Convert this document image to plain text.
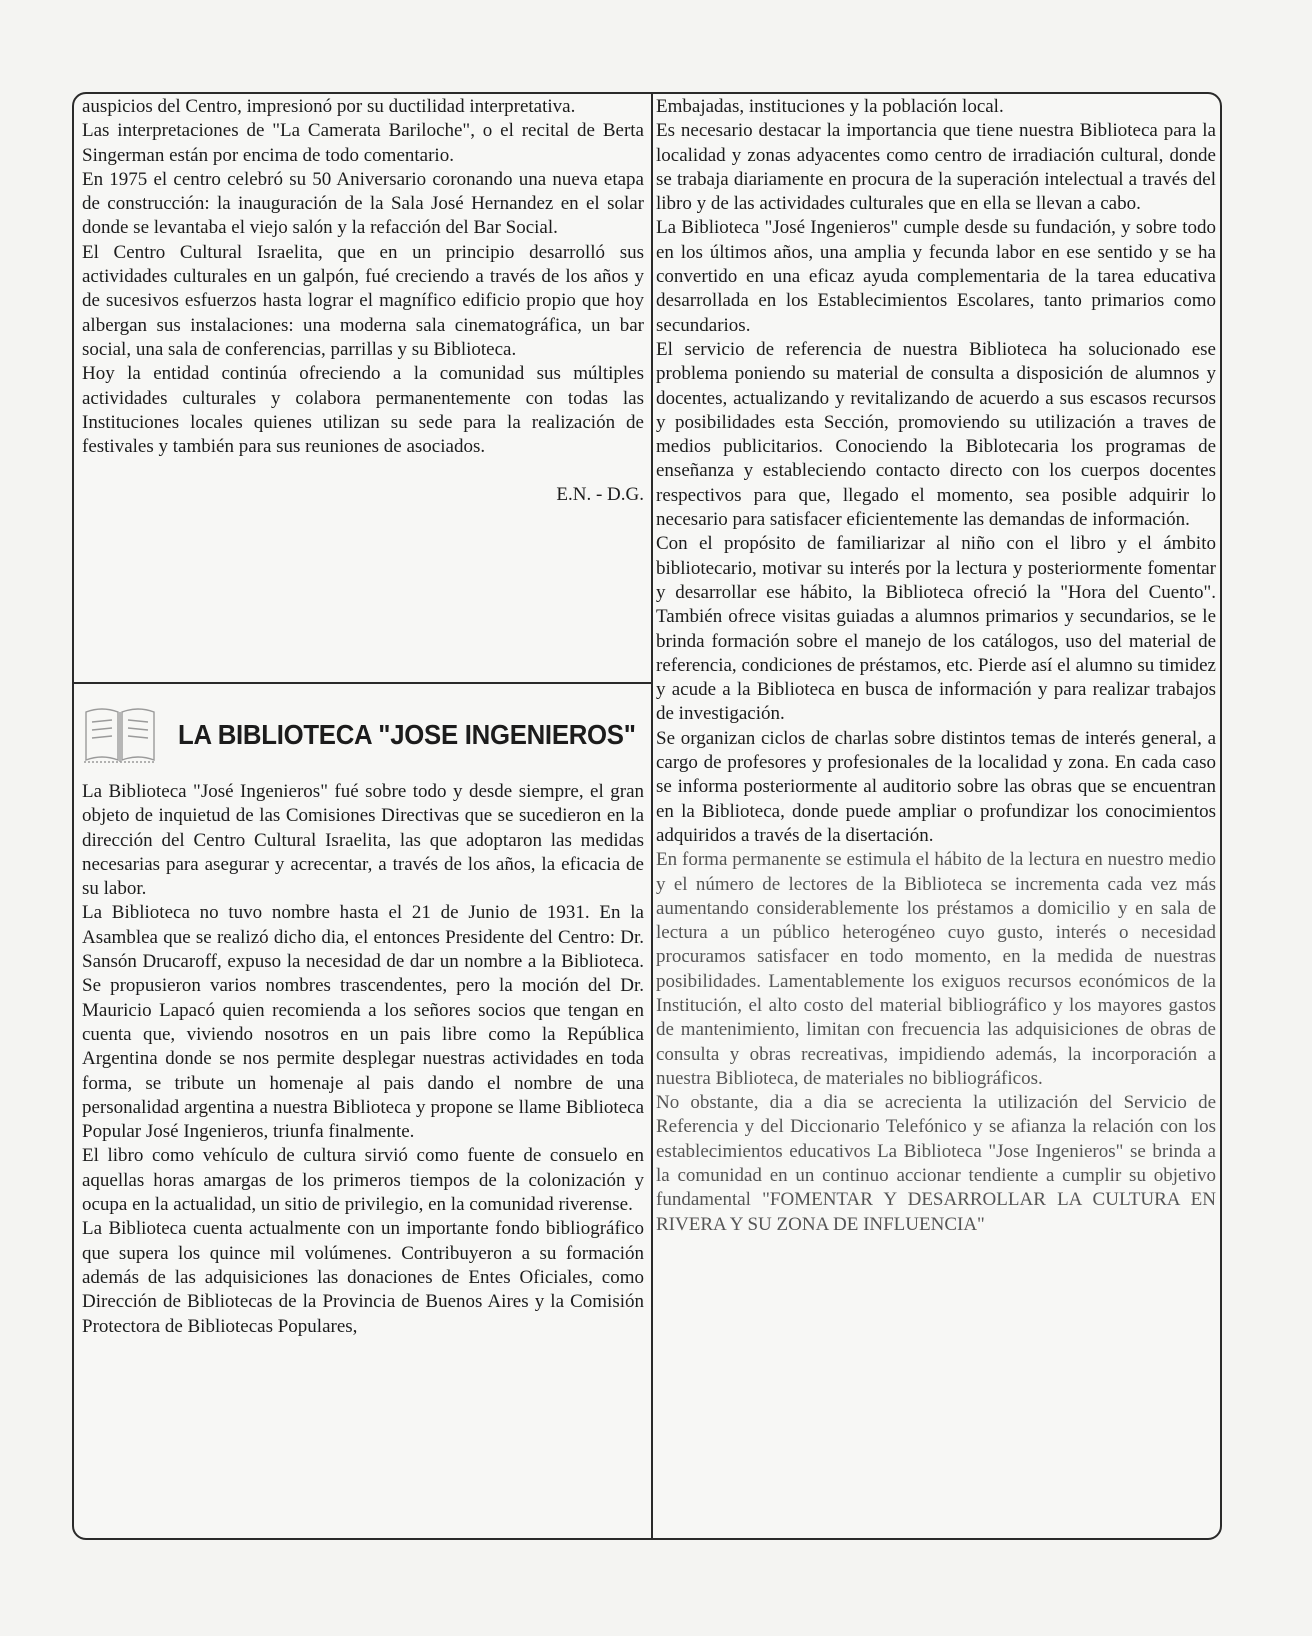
auspicios del Centro, impresionó por su ductilidad interpretativa.

Las interpretaciones de "La Camerata Bariloche", o el recital de Berta Singerman están por encima de todo comentario.

En 1975 el centro celebró su 50 Aniversario coronando una nueva etapa de construcción: la inauguración de la Sala José Hernandez en el solar donde se levantaba el viejo salón y la refacción del Bar Social.

El Centro Cultural Israelita, que en un principio desarrolló sus actividades culturales en un galpón, fué creciendo a través de los años y de sucesivos esfuerzos hasta lograr el magnífico edificio propio que hoy albergan sus instalaciones: una moderna sala cinematográfica, un bar social, una sala de conferencias, parrillas y su Biblioteca.

Hoy la entidad continúa ofreciendo a la comunidad sus múltiples actividades culturales y colabora permanentemente con todas las Instituciones locales quienes utilizan su sede para la realización de festivales y también para sus reuniones de asociados.

E.N. - D.G.

LA BIBLIOTECA "JOSE INGENIEROS"

La Biblioteca "José Ingenieros" fué sobre todo y desde siempre, el gran objeto de inquietud de las Comisiones Directivas que se sucedieron en la dirección del Centro Cultural Israelita, las que adoptaron las medidas necesarias para asegurar y acrecentar, a través de los años, la eficacia de su labor.

La Biblioteca no tuvo nombre hasta el 21 de Junio de 1931. En la Asamblea que se realizó dicho dia, el entonces Presidente del Centro: Dr. Sansón Drucaroff, expuso la necesidad de dar un nombre a la Biblioteca. Se propusieron varios nombres trascendentes, pero la moción del Dr. Mauricio Lapacó quien recomienda a los señores socios que tengan en cuenta que, viviendo nosotros en un pais libre como la República Argentina donde se nos permite desplegar nuestras actividades en toda forma, se tribute un homenaje al pais dando el nombre de una personalidad argentina a nuestra Biblioteca y propone se llame Biblioteca Popular José Ingenieros, triunfa finalmente.

El libro como vehículo de cultura sirvió como fuente de consuelo en aquellas horas amargas de los primeros tiempos de la colonización y ocupa en la actualidad, un sitio de privilegio, en la comunidad riverense.

La Biblioteca cuenta actualmente con un importante fondo bibliográfico que supera los quince mil volúmenes. Contribuyeron a su formación además de las adquisiciones las donaciones de Entes Oficiales, como Dirección de Bibliotecas de la Provincia de Buenos Aires y la Comisión Protectora de Bibliotecas Populares,

Embajadas, instituciones y la población local.

Es necesario destacar la importancia que tiene nuestra Biblioteca para la localidad y zonas adyacentes como centro de irradiación cultural, donde se trabaja diariamente en procura de la superación intelectual a través del libro y de las actividades culturales que en ella se llevan a cabo.

La Biblioteca "José Ingenieros" cumple desde su fundación, y sobre todo en los últimos años, una amplia y fecunda labor en ese sentido y se ha convertido en una eficaz ayuda complementaria de la tarea educativa desarrollada en los Establecimientos Escolares, tanto primarios como secundarios.

El servicio de referencia de nuestra Biblioteca ha solucionado ese problema poniendo su material de consulta a disposición de alumnos y docentes, actualizando y revitalizando de acuerdo a sus escasos recursos y posibilidades esta Sección, promoviendo su utilización a traves de medios publicitarios. Conociendo la Biblotecaria los programas de enseñanza y estableciendo contacto directo con los cuerpos docentes respectivos para que, llegado el momento, sea posible adquirir lo necesario para satisfacer eficientemente las demandas de información.

Con el propósito de familiarizar al niño con el libro y el ámbito bibliotecario, motivar su interés por la lectura y posteriormente fomentar y desarrollar ese hábito, la Biblioteca ofreció la "Hora del Cuento". También ofrece visitas guiadas a alumnos primarios y secundarios, se le brinda formación sobre el manejo de los catálogos, uso del material de referencia, condiciones de préstamos, etc. Pierde así el alumno su timidez y acude a la Biblioteca en busca de información y para realizar trabajos de investigación.

Se organizan ciclos de charlas sobre distintos temas de interés general, a cargo de profesores y profesionales de la localidad y zona. En cada caso se informa posteriormente al auditorio sobre las obras que se encuentran en la Biblioteca, donde puede ampliar o profundizar los conocimientos adquiridos a través de la disertación.

En forma permanente se estimula el hábito de la lectura en nuestro medio y el número de lectores de la Biblioteca se incrementa cada vez más aumentando considerablemente los préstamos a domicilio y en sala de lectura a un público heterogéneo cuyo gusto, interés o necesidad procuramos satisfacer en todo momento, en la medida de nuestras posibilidades. Lamentablemente los exiguos recursos económicos de la Institución, el alto costo del material bibliográfico y los mayores gastos de mantenimiento, limitan con frecuencia las adquisiciones de obras de consulta y obras recreativas, impidiendo además, la incorporación a nuestra Biblioteca, de materiales no bibliográficos.

No obstante, dia a dia se acrecienta la utilización del Servicio de Referencia y del Diccionario Telefónico y se afianza la relación con los establecimientos educativos La Biblioteca "Jose Ingenieros" se brinda a la comunidad en un continuo accionar tendiente a cumplir su objetivo fundamental "FOMENTAR Y DESARROLLAR LA CULTURA EN RIVERA Y SU ZONA DE INFLUENCIA"
